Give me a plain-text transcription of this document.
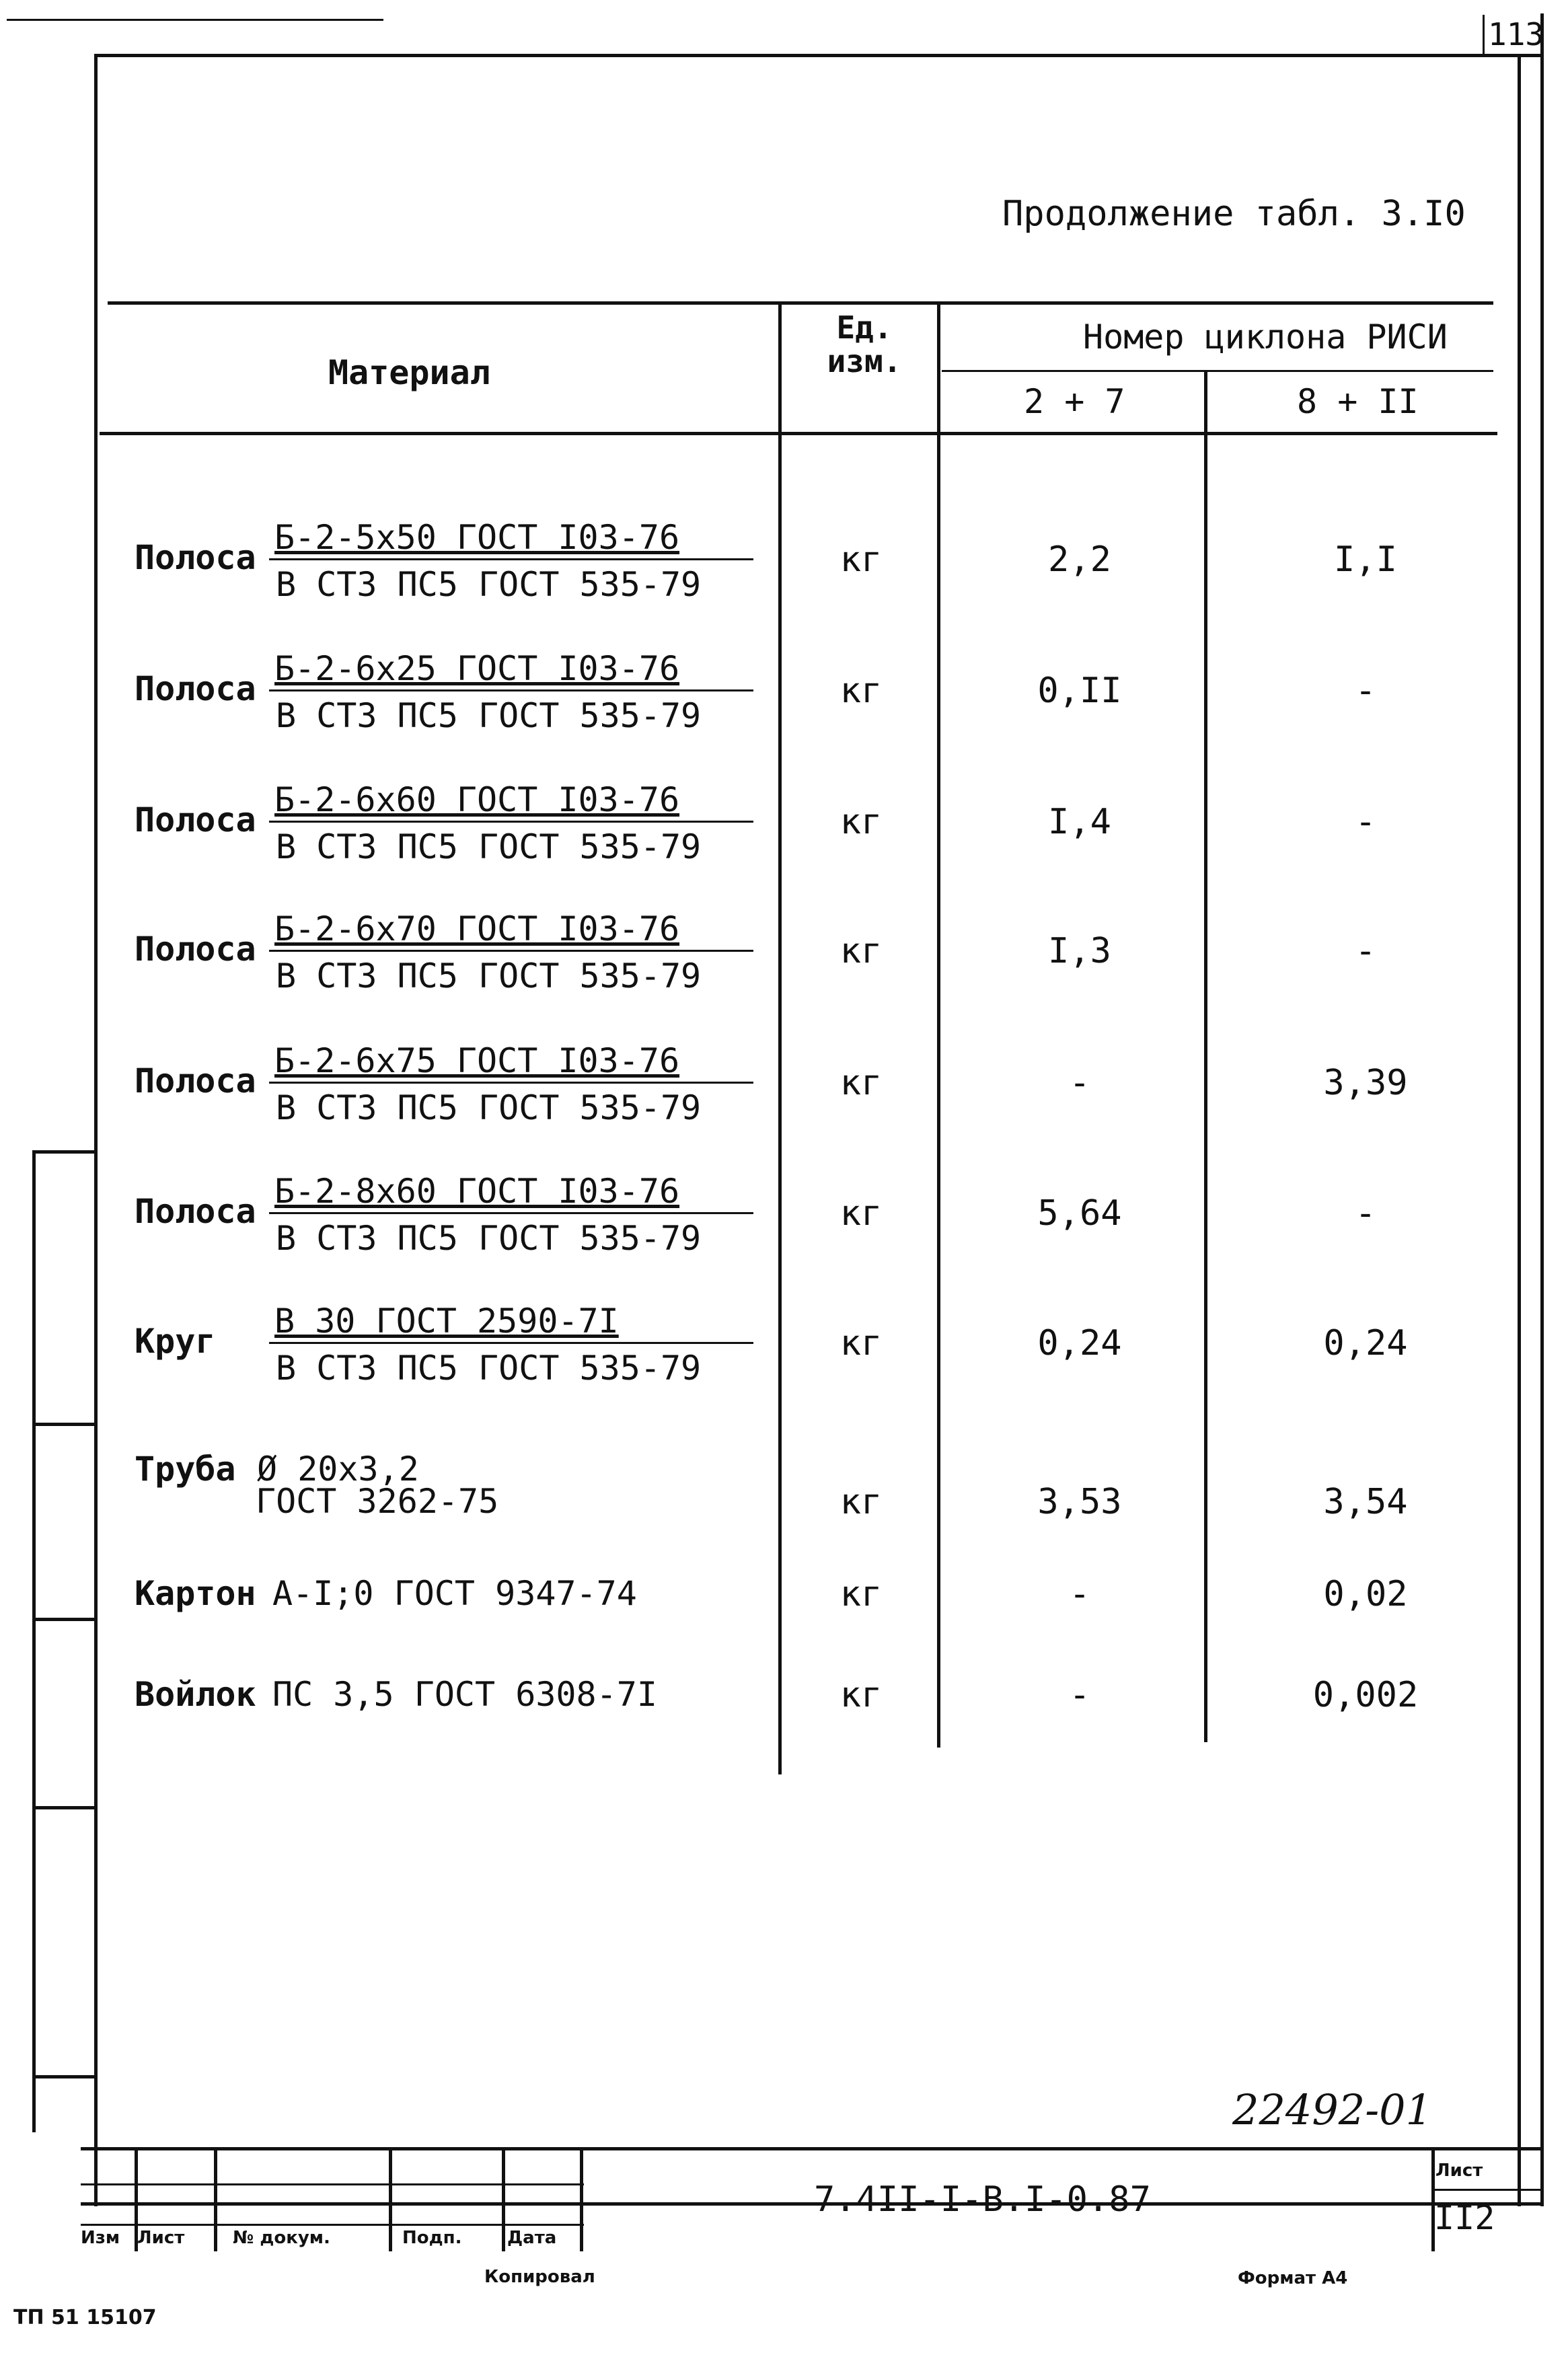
113
Продолжение табл. 3.I0
Материал
Ед. изм.
Номер циклона РИСИ
2 + 7	8 + II
Полоса
Б-2-5х50 ГОСТ I03-76
В СТ3 ПС5 ГОСТ 535-79
кг	2,2	I,I
Полоса
Б-2-6х25 ГОСТ I03-76
В СТ3 ПС5 ГОСТ 535-79
кг	0,II	-
Полоса
Б-2-6х60 ГОСТ I03-76
В СТ3 ПС5 ГОСТ 535-79
кг	I,4	-
Полоса
Б-2-6х70 ГОСТ I03-76
В СТ3 ПС5 ГОСТ 535-79
кг	I,3	-
Полоса
Б-2-6х75 ГОСТ I03-76
В СТ3 ПС5 ГОСТ 535-79
кг	-	3,39
Полоса
Б-2-8х60 ГОСТ I03-76
В СТ3 ПС5 ГОСТ 535-79
кг	5,64	-
Круг
В 30 ГОСТ 2590-7I
В СТ3 ПС5 ГОСТ 535-79
кг	0,24	0,24
Труба Ø 20х3,2
ГОСТ 3262-75	кг	3,53	3,54
Картон А-I;0 ГОСТ 9347-74	кг	-	0,02
Войлок ПС 3,5 ГОСТ 6308-7I	кг	-	0,002
22492-01
7.4II-I-В.I-0.87
Лист
II2
Изм Лист	№ докум.	Подп.	Дата
Копировал	Формат А4
ТП 51 15107
